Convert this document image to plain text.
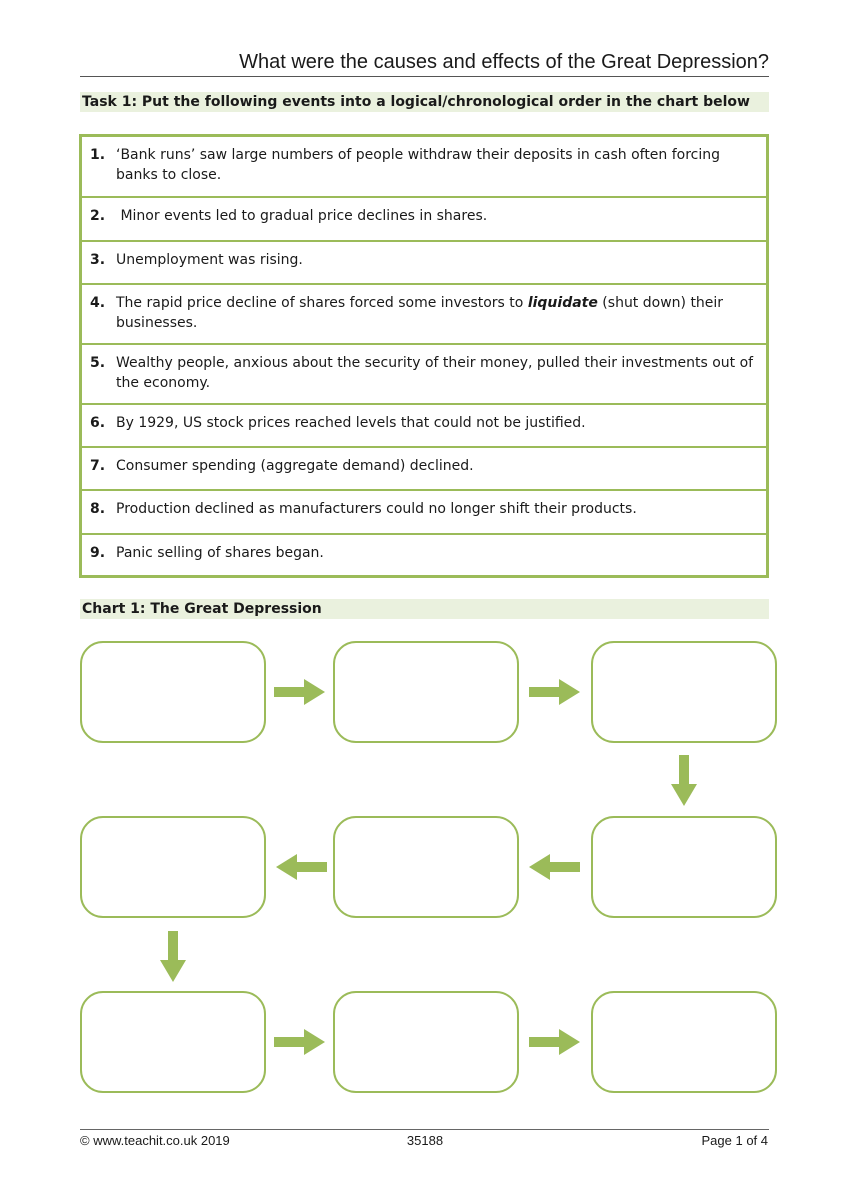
What were the causes and effects of the Great Depression?
Task 1: Put the following events into a logical/chronological order in the chart below
1. ‘Bank runs’ saw large numbers of people withdraw their deposits in cash often forcing
banks to close.
2. Minor events led to gradual price declines in shares.
3. Unemployment was rising.
4. The rapid price decline of shares forced some investors to liquidate (shut down) their
businesses.
5. Wealthy people, anxious about the security of their money, pulled their investments out of
the economy.
6. By 1929, US stock prices reached levels that could not be justified.
7. Consumer spending (aggregate demand) declined.
8. Production declined as manufacturers could no longer shift their products.
9. Panic selling of shares began.
Chart 1: The Great Depression
© www.teachit.co.uk 2019	35188	Page 1 of 4
